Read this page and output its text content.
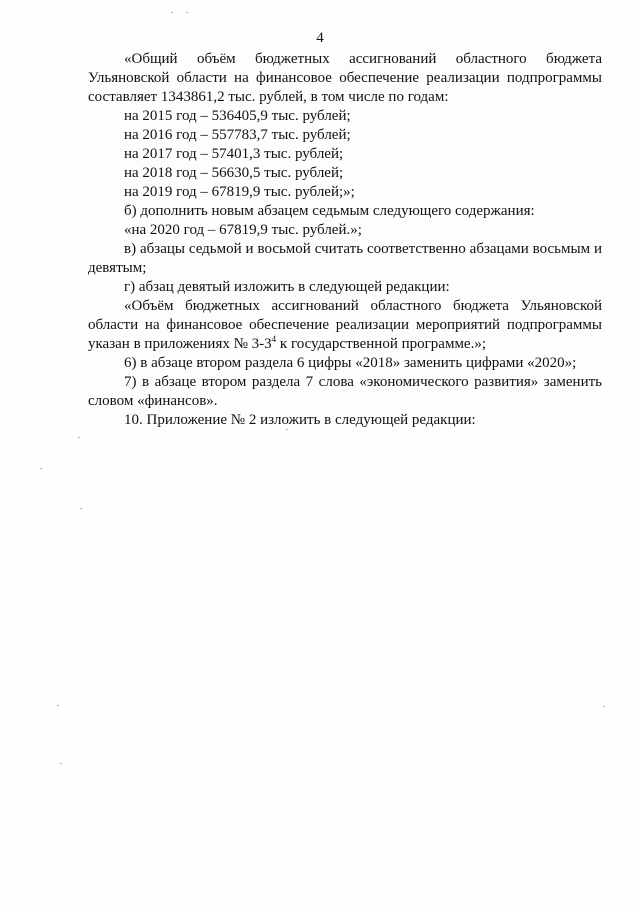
4

«Общий объём бюджетных ассигнований областного бюджета Ульяновской области на финансовое обеспечение реализации подпрограммы составляет 1343861,2 тыс. рублей, в том числе по годам:

на 2015 год – 536405,9 тыс. рублей;

на 2016 год – 557783,7 тыс. рублей;

на 2017 год – 57401,3 тыс. рублей;

на 2018 год – 56630,5 тыс. рублей;

на 2019 год – 67819,9 тыс. рублей;»;

б) дополнить новым абзацем седьмым следующего содержания:

«на 2020 год – 67819,9 тыс. рублей.»;

в) абзацы седьмой и восьмой считать соответственно абзацами восьмым и девятым;

г) абзац девятый изложить в следующей редакции:

«Объём бюджетных ассигнований областного бюджета Ульяновской области на финансовое обеспечение реализации мероприятий подпрограммы указан в приложениях № $3-3^4$ к государственной программе.»;

6) в абзаце втором раздела 6 цифры «2018» заменить цифрами «2020»;

7) в абзаце втором раздела 7 слова «экономического развития» заменить словом «финансов».

10. Приложение № 2 изложить в следующей редакции:
